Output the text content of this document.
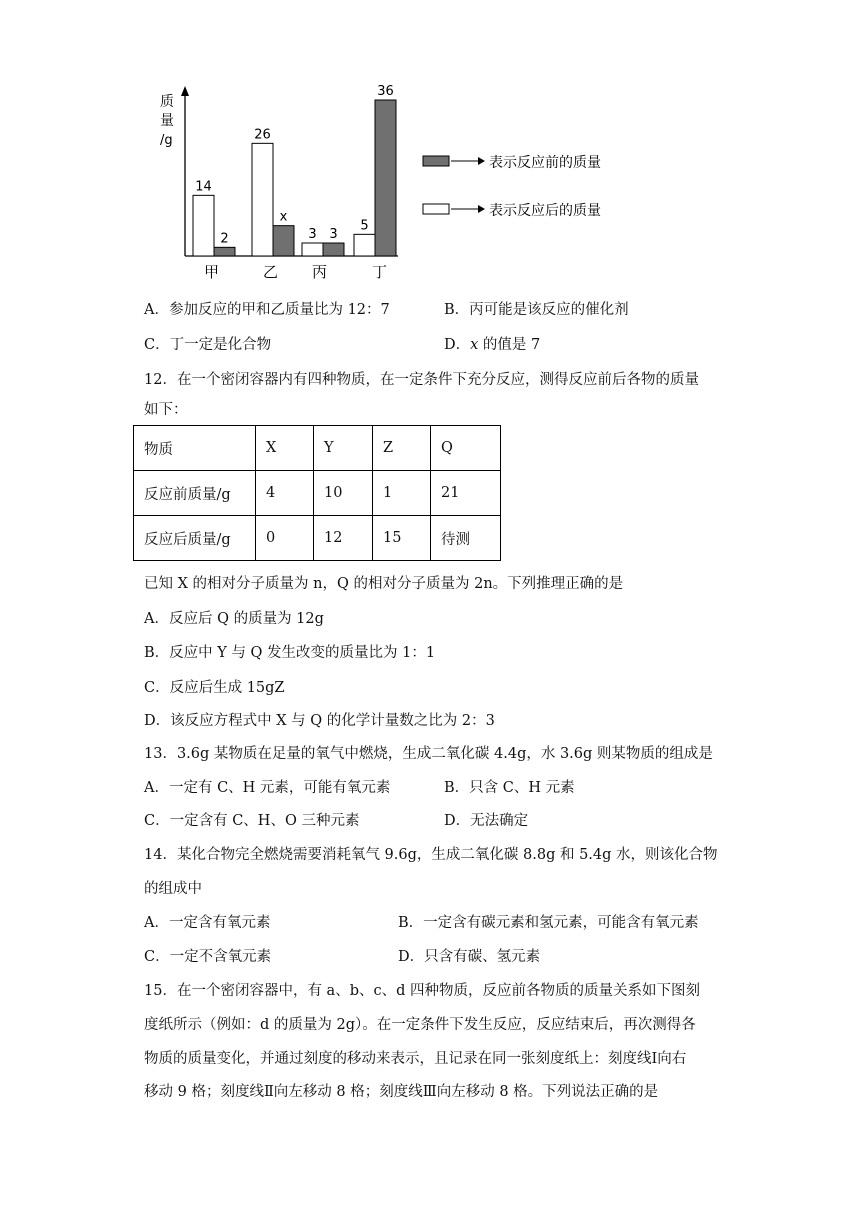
质
量
/g
14
2
26
x
3 3
5
36
甲	乙 丙	丁
表示反应前的质量
表示反应后的质量
A．参加反应的甲和乙质量比为 12：7	B．丙可能是该反应的催化剂
C．丁一定是化合物	D．x 的值是 7
12．在一个密闭容器内有四种物质，在一定条件下充分反应，测得反应前后各物的质量
如下：
物质	X	Y	Z	Q
反应前质量/g	4	10	1	21
反应后质量/g	0	12	15	待测
已知 X 的相对分子质量为 n，Q 的相对分子质量为 2n。下列推理正确的是
A．反应后 Q 的质量为 12g
B．反应中 Y 与 Q 发生改变的质量比为 1：1
C．反应后生成 15gZ
D．该反应方程式中 X 与 Q 的化学计量数之比为 2：3
13．3.6g 某物质在足量的氧气中燃烧，生成二氧化碳 4.4g，水 3.6g 则某物质的组成是
A．一定有 C、H 元素，可能有氧元素	B．只含 C、H 元素
C．一定含有 C、H、O 三种元素	D．无法确定
14．某化合物完全燃烧需要消耗氧气 9.6g，生成二氧化碳 8.8g 和 5.4g 水，则该化合物
的组成中
A．一定含有氧元素	B．一定含有碳元素和氢元素，可能含有氧元素
C．一定不含氧元素	D．只含有碳、氢元素
15．在一个密闭容器中，有 a、b、c、d 四种物质，反应前各物质的质量关系如下图刻
度纸所示（例如：d 的质量为 2g）。在一定条件下发生反应，反应结束后，再次测得各
物质的质量变化，并通过刻度的移动来表示，且记录在同一张刻度纸上：刻度线Ⅰ向右
移动 9 格；刻度线Ⅱ向左移动 8 格；刻度线Ⅲ向左移动 8 格。下列说法正确的是
